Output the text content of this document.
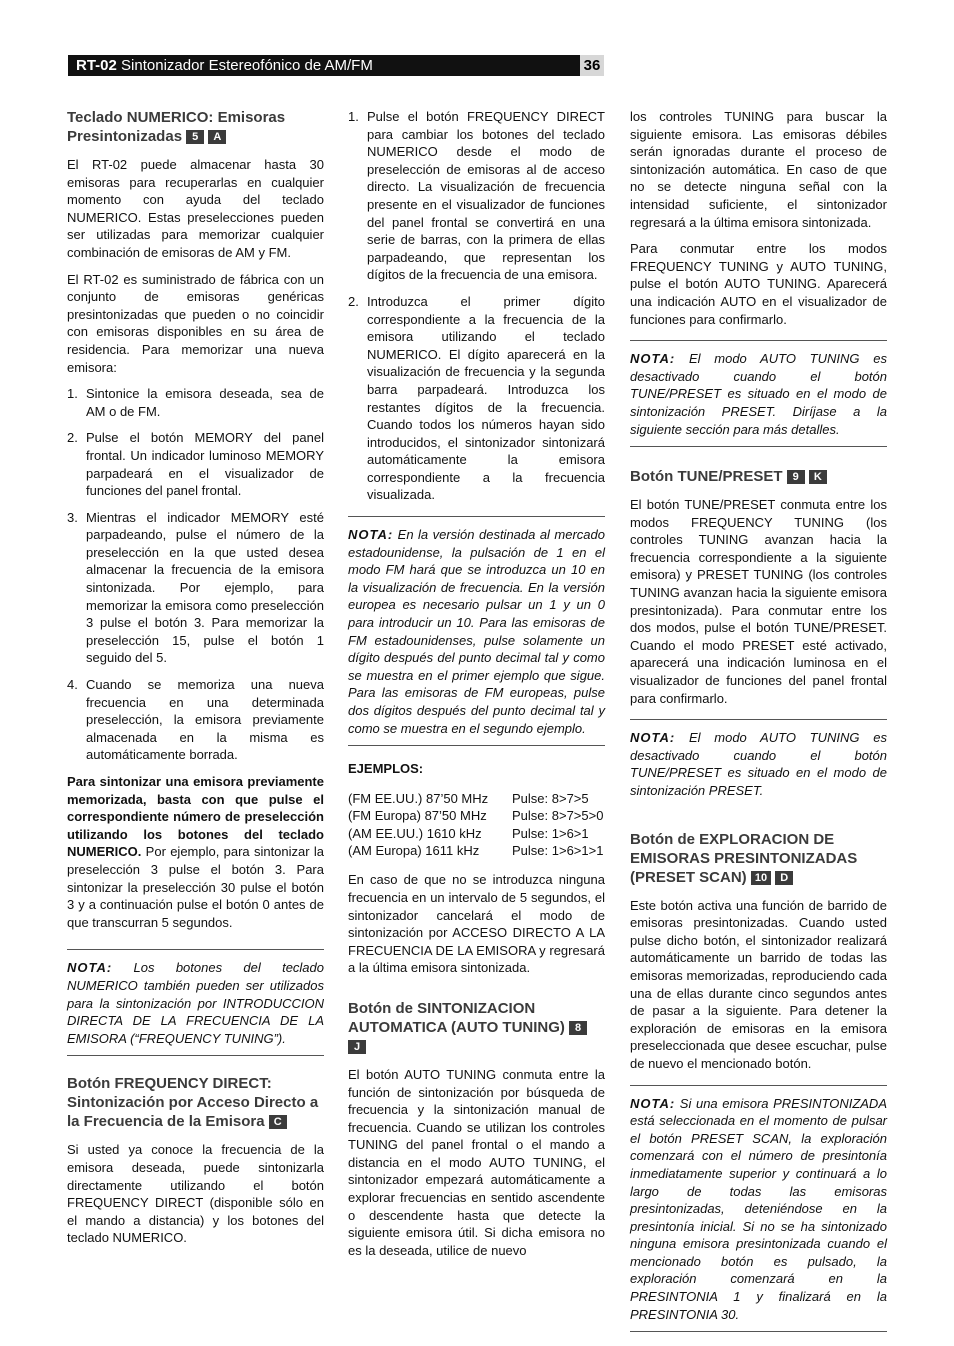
RT-02 Sintonizador Estereofónico de AM/FM	36
Teclado NUMERICO: Emisoras Presintonizadas 5 A

El RT-02 puede almacenar hasta 30 emisoras para recuperarlas en cualquier momento con ayuda del teclado NUMERICO. Estas preselecciones pueden ser utilizadas para memorizar cualquier combinación de emisoras de AM y FM.

El RT-02 es suministrado de fábrica con un conjunto de emisoras genéricas presintonizadas que pueden o no coincidir con emisoras disponibles en su área de residencia. Para memorizar una nueva emisora:

1. Sintonice la emisora deseada, sea de AM o de FM.
2. Pulse el botón MEMORY del panel frontal. Un indicador luminoso MEMORY parpadeará en el visualizador de funciones del panel frontal.
3. Mientras el indicador MEMORY esté parpadeando, pulse el número de la preselección en la que usted desea almacenar la frecuencia de la emisora sintonizada. Por ejemplo, para memorizar la emisora como preselección 3 pulse el botón 3. Para memorizar la preselección 15, pulse el botón 1 seguido del 5.
4. Cuando se memoriza una nueva frecuencia en una determinada preselección, la emisora previamente almacenada en la misma es automáticamente borrada.

Para sintonizar una emisora previamente memorizada, basta con que pulse el correspondiente número de preselección utilizando los botones del teclado NUMERICO. Por ejemplo, para sintonizar la preselección 3 pulse el botón 3. Para sintonizar la preselección 30 pulse el botón 3 y a continuación pulse el botón 0 antes de que transcurran 5 segundos.

NOTA: Los botones del teclado NUMERICO también pueden ser utilizados para la sintonización por INTRODUCCION DIRECTA DE LA FRECUENCIA DE LA EMISORA (“FREQUENCY TUNING”).
Botón FREQUENCY DIRECT: Sintonización por Acceso Directo a la Frecuencia de la Emisora C

Si usted ya conoce la frecuencia de la emisora deseada, puede sintonizarla directamente utilizando el botón FREQUENCY DIRECT (disponible sólo en el mando a distancia) y los botones del teclado NUMERICO.

1. Pulse el botón FREQUENCY DIRECT para cambiar los botones del teclado NUMERICO desde el modo de preselección de emisoras al de acceso directo. La visualización de frecuencia presente en el visualizador de funciones del panel frontal se convertirá en una serie de barras, con la primera de ellas parpadeando, que representan los dígitos de la frecuencia de una emisora.
2. Introduzca el primer dígito correspondiente a la frecuencia de la emisora utilizando el teclado NUMERICO. El dígito aparecerá en la visualización de frecuencia y la segunda barra parpadeará. Introduzca los restantes dígitos de la frecuencia. Cuando todos los números hayan sido introducidos, el sintonizador sintonizará automáticamente la emisora correspondiente a la frecuencia visualizada.
NOTA: En la versión destinada al mercado estadounidense, la pulsación de 1 en el modo FM hará que se introduzca un 10 en la visualización de frecuencia. En la versión europea es necesario pulsar un 1 y un 0 para introducir un 10. Para las emisoras de FM estadounidenses, pulse solamente un dígito después del punto decimal tal y como se muestra en el primer ejemplo que sigue. Para las emisoras de FM europeas, pulse dos dígitos después del punto decimal tal y como se muestra en el segundo ejemplo.
EJEMPLOS:
(FM EE.UU.) 87’50 MHz	Pulse: 8>7>5
(FM Europa) 87’50 MHz	Pulse: 8>7>5>0
(AM EE.UU.) 1610 kHz	Pulse: 1>6>1
(AM Europa) 1611 kHz	Pulse: 1>6>1>1

En caso de que no se introduzca ninguna frecuencia en un intervalo de 5 segundos, el sintonizador cancelará el modo de sintonización por ACCESO DIRECTO A LA FRECUENCIA DE LA EMISORA y regresará a la última emisora sintonizada.

Botón de SINTONIZACION AUTOMATICA (AUTO TUNING) 8 J

El botón AUTO TUNING conmuta entre la función de sintonización por búsqueda de frecuencia y la sintonización manual de frecuencia. Cuando se utilizan los controles TUNING del panel frontal o el mando a distancia en el modo AUTO TUNING, el sintonizador empezará automáticamente a explorar frecuencias en sentido ascendente o descendente hasta que detecte la siguiente emisora útil. Si dicha emisora no es la deseada, utilice de nuevo

los controles TUNING para buscar la siguiente emisora. Las emisoras débiles serán ignoradas durante el proceso de sintonización automática. En caso de que no se detecte ninguna señal con la intensidad suficiente, el sintonizador regresará a la última emisora sintonizada.

Para conmutar entre los modos FREQUENCY TUNING y AUTO TUNING, pulse el botón AUTO TUNING. Aparecerá una indicación AUTO en el visualizador de funciones para confirmarlo.

NOTA: El modo AUTO TUNING es desactivado cuando el botón TUNE/PRESET es situado en el modo de sintonización PRESET. Diríjase a la siguiente sección para más detalles.
Botón TUNE/PRESET 9 K

El botón TUNE/PRESET conmuta entre los modos FREQUENCY TUNING (los controles TUNING avanzan hacia la frecuencia correspondiente a la siguiente emisora) y PRESET TUNING (los controles TUNING avanzan hacia la siguiente emisora presintonizada). Para conmutar entre los dos modos, pulse el botón TUNE/PRESET. Cuando el modo PRESET esté activado, aparecerá una indicación luminosa en el visualizador de funciones del panel frontal para confirmarlo.

NOTA: El modo AUTO TUNING es desactivado cuando el botón TUNE/PRESET es situado en el modo de sintonización PRESET.
Botón de EXPLORACION DE EMISORAS PRESINTONIZADAS (PRESET SCAN) 10 D

Este botón activa una función de barrido de emisoras presintonizadas. Cuando usted pulse dicho botón, el sintonizador realizará automáticamente un barrido de todas las emisoras memorizadas, reproduciendo cada una de ellas durante cinco segundos antes de pasar a la siguiente. Para detener la exploración de emisoras en la emisora preseleccionada que desee escuchar, pulse de nuevo el mencionado botón.

NOTA: Si una emisora PRESINTONIZADA está seleccionada en el momento de pulsar el botón PRESET SCAN, la exploración comenzará con el número de presintonía inmediatamente superior y continuará a lo largo de todas las emisoras presintonizadas, deteniéndose en la presintonía inicial. Si no se ha sintonizado ninguna emisora presintonizada cuando el mencionado botón es pulsado, la exploración comenzará en la PRESINTONIA 1 y finalizará en la PRESINTONIA 30.
